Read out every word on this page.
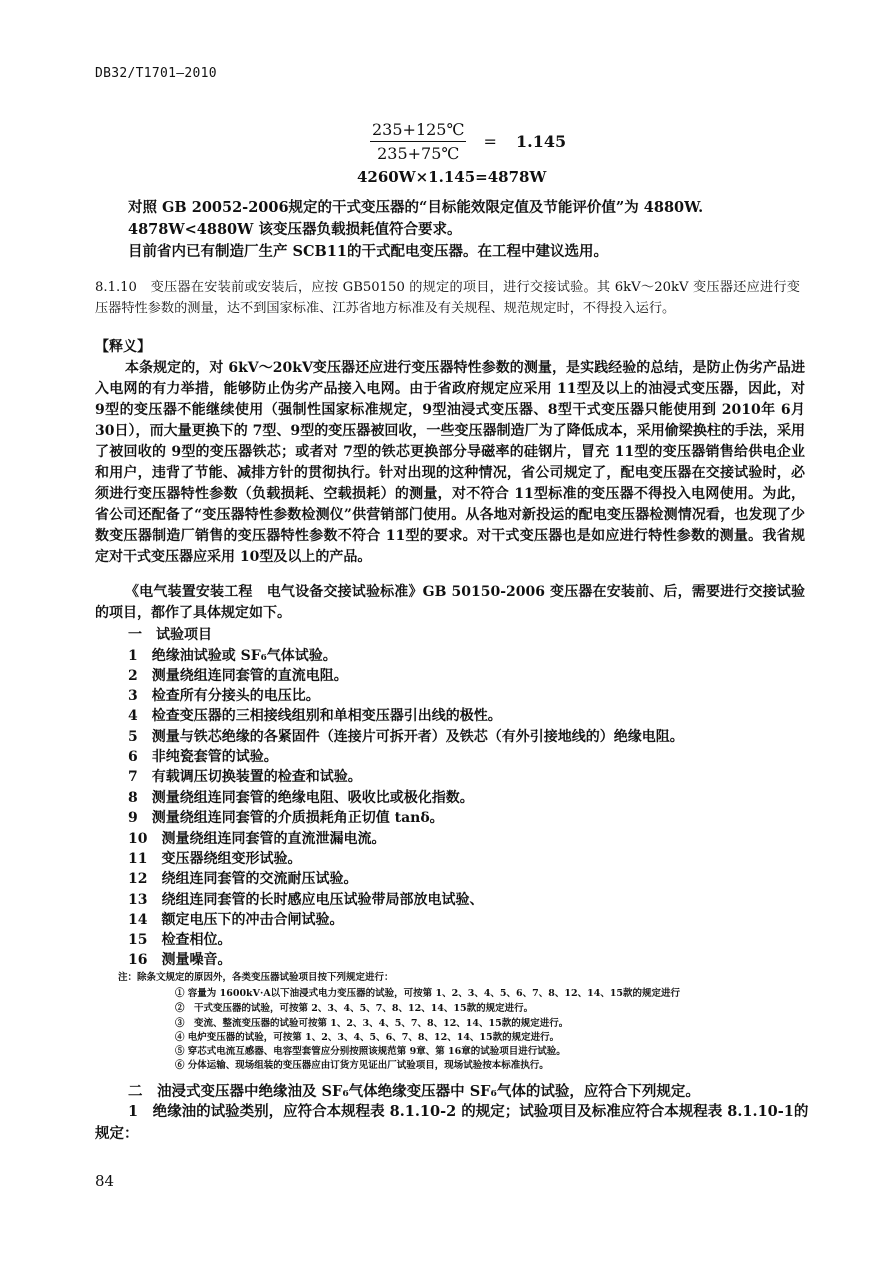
DB32/T1701—2010
$\frac{235+125℃}{235+75℃} = 1.145$
4260W×1.145=4878W
对照 GB 20052-2006规定的干式变压器的“目标能效限定值及节能评价值”为 4880W.
4878W<4880W 该变压器负载损耗值符合要求。
目前省内已有制造厂生产 SCB11的干式配电变压器。在工程中建议选用。
8.1.10　变压器在安装前或安装后，应按 GB50150 的规定的项目，进行交接试验。其 6kV～20kV 变压器还应进行变压器特性参数的测量，达不到国家标准、江苏省地方标准及有关规程、规范规定时，不得投入运行。
【释义】
本条规定的，对 6kV～20kV变压器还应进行变压器特性参数的测量，是实践经验的总结，是防止伪劣产品进入电网的有力举措，能够防止伪劣产品接入电网。由于省政府规定应采用 11型及以上的油浸式变压器，因此，对 9型的变压器不能继续使用（强制性国家标准规定，9型油浸式变压器、8型干式变压器只能使用到 2010年 6月 30日），而大量更换下的 7型、9型的变压器被回收，一些变压器制造厂为了降低成本，采用偷梁换柱的手法，采用了被回收的 9型的变压器铁芯；或者对 7型的铁芯更换部分导磁率的硅钢片，冒充 11型的变压器销售给供电企业和用户，违背了节能、减排方针的贯彻执行。针对出现的这种情况，省公司规定了，配电变压器在交接试验时，必须进行变压器特性参数（负载损耗、空载损耗）的测量，对不符合 11型标准的变压器不得投入电网使用。为此，省公司还配备了“变压器特性参数检测仪”供营销部门使用。从各地对新投运的配电变压器检测情况看，也发现了少数变压器制造厂销售的变压器特性参数不符合 11型的要求。对干式变压器也是如应进行特性参数的测量。我省规定对干式变压器应采用 10型及以上的产品。
《电气装置安装工程　电气设备交接试验标准》GB 50150-2006 变压器在安装前、后，需要进行交接试验的项目，都作了具体规定如下。
一　试验项目
1　绝缘油试验或 SF₆气体试验。
2　测量绕组连同套管的直流电阻。
3　检查所有分接头的电压比。
4　检查变压器的三相接线组别和单相变压器引出线的极性。
5　测量与铁芯绝缘的各紧固件（连接片可拆开者）及铁芯（有外引接地线的）绝缘电阻。
6　非纯瓷套管的试验。
7　有载调压切换装置的检查和试验。
8　测量绕组连同套管的绝缘电阻、吸收比或极化指数。
9　测量绕组连同套管的介质损耗角正切值 tanδ。
10　测量绕组连同套管的直流泄漏电流。
11　变压器绕组变形试验。
12　绕组连同套管的交流耐压试验。
13　绕组连同套管的长时感应电压试验带局部放电试验、
14　额定电压下的冲击合闸试验。
15　检查相位。
16　测量噪音。
注：除条文规定的原因外，各类变压器试验项目按下列规定进行：
① 容量为 1600kV·A以下油浸式电力变压器的试验，可按第 1、2、3、4、5、6、7、8、12、14、15款的规定进行
②　干式变压器的试验，可按第 2、3、4、5、7、8、12、14、15款的规定进行。
③　变流、整流变压器的试验可按第 1、2、3、4、5、7、8、12、14、15款的规定进行。
④ 电炉变压器的试验，可按第 1、2、3、4、5、6、7、8、12、14、15款的规定进行。
⑤ 穿芯式电流互感器、电容型套管应分别按照该规范第 9章、第 16章的试验项目进行试验。
⑥ 分体运输、现场组装的变压器应由订货方见证出厂试验项目，现场试验按本标准执行。
二　油浸式变压器中绝缘油及 SF₆气体绝缘变压器中 SF₆气体的试验，应符合下列规定。
1　绝缘油的试验类别，应符合本规程表 8.1.10-2 的规定；试验项目及标准应符合本规程表 8.1.10-1的规定：
84
